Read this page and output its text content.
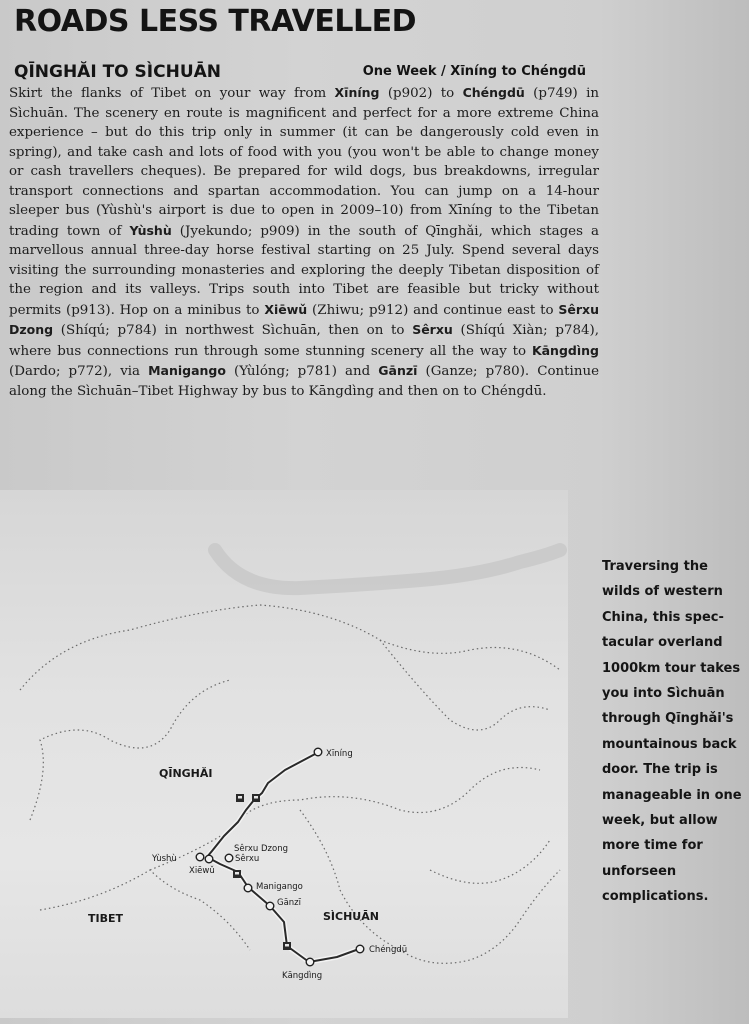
ROADS LESS TRAVELLED
QĪNGHĂI TO SÌCHUĀN	One Week / Xīníng to Chéngdū
Skirt the flanks of Tibet on your way from Xīníng (p902) to Chéngdū (p749) in Sìchuān. The scenery en route is magnificent and perfect for a more extreme China experience – but do this trip only in summer (it can be dangerously cold even in spring), and take cash and lots of food with you (you won't be able to change money or cash travellers cheques). Be prepared for wild dogs, bus breakdowns, irregular transport connections and spartan accommodation. You can jump on a 14-hour sleeper bus (Yùshù's airport is due to open in 2009–10) from Xīníng to the Tibetan trading town of Yùshù (Jyekundo; p909) in the south of Qīnghǎi, which stages a marvellous annual three-day horse festival starting on 25 July. Spend several days visiting the surrounding monasteries and exploring the deeply Tibetan disposition of the region and its valleys. Trips south into Tibet are feasible but tricky without permits (p913). Hop on a minibus to Xiēwǔ (Zhiwu; p912) and continue east to Sêrxu Dzong (Shíqú; p784) in northwest Sìchuān, then on to Sêrxu (Shíqú Xiàn; p784), where bus connections run through some stunning scenery all the way to Kāngdìng (Dardo; p772), via Manigango (Yùlóng; p781) and Gānzī (Ganze; p780). Continue along the Sìchuān–Tibet Highway by bus to Kāngdìng and then on to Chéngdū.
QĪNGHĂI
TIBET	SÌCHUĀN
Xīníng
Yùshù
Xiēwǔ
Sêrxu Dzong
Sêrxu
Manigango
Gānzī
Kāngdìng
Chéngdū
Traversing the
wilds of western
China, this spec-
tacular overland
1000km tour takes
you into Sìchuān
through Qīnghǎi's
mountainous back
door. The trip is
manageable in one
week, but allow
more time for
unforseen
complications.
